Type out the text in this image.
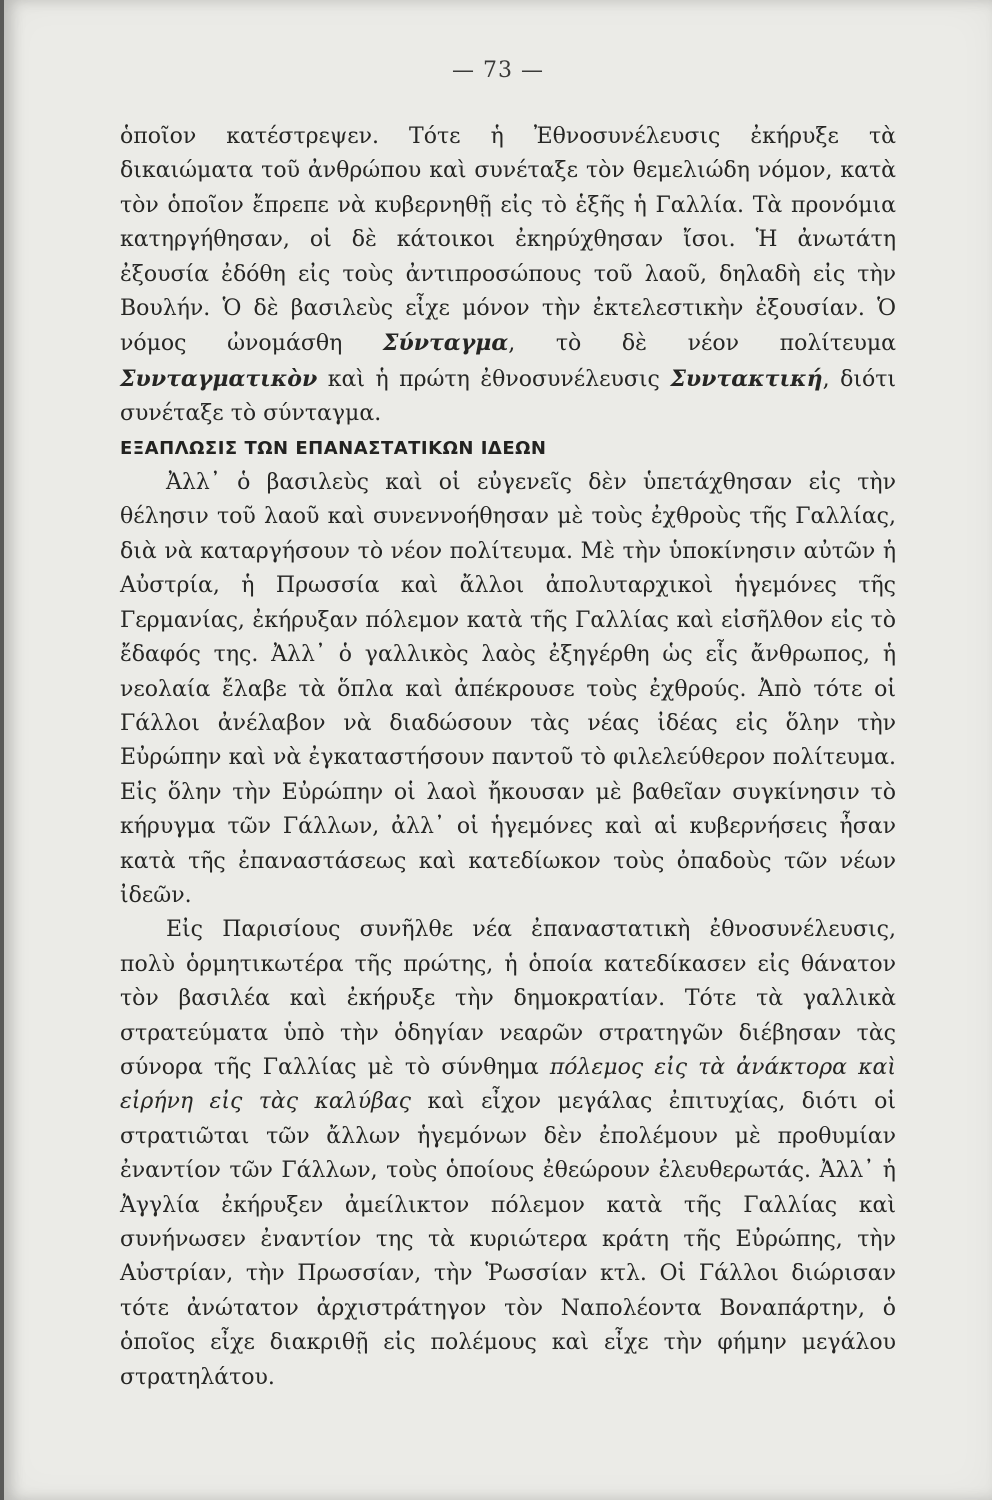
— 73 —

ὁποῖον κατέστρεψεν. Τότε ἡ Ἐθνοσυνέλευσις ἐκήρυξε τὰ δικαιώματα τοῦ ἀνθρώπου καὶ συνέταξε τὸν θεμελιώδη νόμον, κατὰ τὸν ὁποῖον ἔπρεπε νὰ κυβερνηθῇ εἰς τὸ ἑξῆς ἡ Γαλλία. Τὰ προνόμια κατηργήθησαν, οἱ δὲ κάτοικοι ἐκηρύχθησαν ἴσοι. Ἡ ἀνωτάτη ἐξουσία ἐδόθη εἰς τοὺς ἀντιπροσώπους τοῦ λαοῦ, δηλαδὴ εἰς τὴν Βουλήν. Ὁ δὲ βασιλεὺς εἶχε μόνον τὴν ἐκτελεστικὴν ἐξουσίαν. Ὁ νόμος ὠνομάσθη Σύνταγμα, τὸ δὲ νέον πολίτευμα Συνταγματικὸν καὶ ἡ πρώτη ἐθνοσυνέλευσις Συντακτική, διότι συνέταξε τὸ σύνταγμα.

ΕΞΑΠΛΩΣΙΣ ΤΩΝ ΕΠΑΝΑΣΤΑΤΙΚΩΝ ΙΔΕΩΝ

Ἀλλ᾿ ὁ βασιλεὺς καὶ οἱ εὐγενεῖς δὲν ὑπετάχθησαν εἰς τὴν θέλησιν τοῦ λαοῦ καὶ συνεννοήθησαν μὲ τοὺς ἐχθροὺς τῆς Γαλλίας, διὰ νὰ καταργήσουν τὸ νέον πολίτευμα. Μὲ τὴν ὑποκίνησιν αὐτῶν ἡ Αὐστρία, ἡ Πρωσσία καὶ ἄλλοι ἀπολυταρχικοὶ ἡγεμόνες τῆς Γερμανίας, ἐκήρυξαν πόλεμον κατὰ τῆς Γαλλίας καὶ εἰσῆλθον εἰς τὸ ἔδαφός της. Ἀλλ᾿ ὁ γαλλικὸς λαὸς ἐξηγέρθη ὡς εἷς ἄνθρωπος, ἡ νεολαία ἔλαβε τὰ ὅπλα καὶ ἀπέκρουσε τοὺς ἐχθρούς. Ἀπὸ τότε οἱ Γάλλοι ἀνέλαβον νὰ διαδώσουν τὰς νέας ἰδέας εἰς ὅλην τὴν Εὐρώπην καὶ νὰ ἐγκαταστήσουν παντοῦ τὸ φιλελεύθερον πολίτευμα. Εἰς ὅλην τὴν Εὐρώπην οἱ λαοὶ ἤκουσαν μὲ βαθεῖαν συγκίνησιν τὸ κήρυγμα τῶν Γάλλων, ἀλλ᾿ οἱ ἡγεμόνες καὶ αἱ κυβερνήσεις ἦσαν κατὰ τῆς ἐπαναστάσεως καὶ κατεδίωκον τοὺς ὀπαδοὺς τῶν νέων ἰδεῶν.

Εἰς Παρισίους συνῆλθε νέα ἐπαναστατικὴ ἐθνοσυνέλευσις, πολὺ ὁρμητικωτέρα τῆς πρώτης, ἡ ὁποία κατεδίκασεν εἰς θάνατον τὸν βασιλέα καὶ ἐκήρυξε τὴν δημοκρατίαν. Τότε τὰ γαλλικὰ στρατεύματα ὑπὸ τὴν ὁδηγίαν νεαρῶν στρατηγῶν διέβησαν τὰς σύνορα τῆς Γαλλίας μὲ τὸ σύνθημα πόλεμος εἰς τὰ ἀνάκτορα καὶ εἰρήνη εἰς τὰς καλύβας καὶ εἶχον μεγάλας ἐπιτυχίας, διότι οἱ στρατιῶται τῶν ἄλλων ἡγεμόνων δὲν ἐπολέμουν μὲ προθυμίαν ἐναντίον τῶν Γάλλων, τοὺς ὁποίους ἐθεώρουν ἐλευθερωτάς. Ἀλλ᾿ ἡ Ἀγγλία ἐκήρυξεν ἀμείλικτον πόλεμον κατὰ τῆς Γαλλίας καὶ συνήνωσεν ἐναντίον της τὰ κυριώτερα κράτη τῆς Εὐρώπης, τὴν Αὐστρίαν, τὴν Πρωσσίαν, τὴν Ῥωσσίαν κτλ. Οἱ Γάλλοι διώρισαν τότε ἀνώτατον ἀρχιστράτηγον τὸν Ναπολέοντα Βοναπάρτην, ὁ ὁποῖος εἶχε διακριθῇ εἰς πολέμους καὶ εἶχε τὴν φήμην μεγάλου στρατηλάτου.
